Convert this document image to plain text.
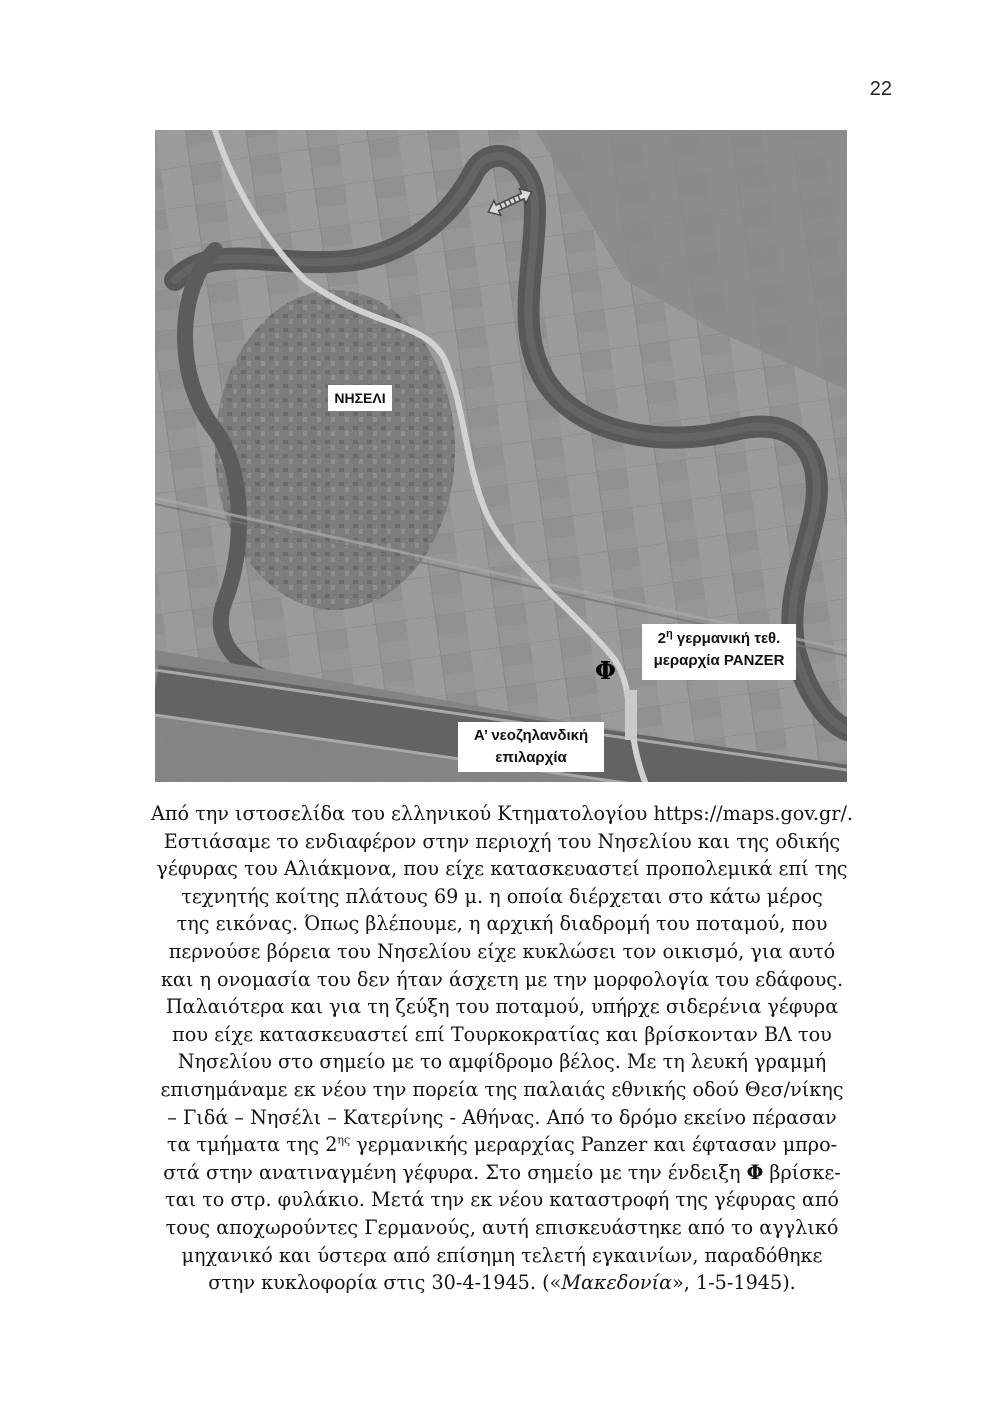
22
ΝΗΣΕΛΙ
$2^\eta$ γερμανική τεθ.
μεραρχία PANZER
Α’ νεοζηλανδική
επιλαρχία
Φ

Από την ιστοσελίδα του ελληνικού Κτηματολογίου https://maps.gov.gr/.

Εστιάσαμε το ενδιαφέρον στην περιοχή του Νησελίου και της οδικής

γέφυρας του Αλιάκμονα, που είχε κατασκευαστεί προπολεμικά επί της

τεχνητής κοίτης πλάτους 69 μ. η οποία διέρχεται στο κάτω μέρος

της εικόνας. Όπως βλέπουμε, η αρχική διαδρομή του ποταμού, που

περνούσε βόρεια του Νησελίου είχε κυκλώσει τον οικισμό, για αυτό

και η ονομασία του δεν ήταν άσχετη με την μορφολογία του εδάφους.

Παλαιότερα και για τη ζεύξη του ποταμού, υπήρχε σιδερένια γέφυρα

που είχε κατασκευαστεί επί Τουρκοκρατίας και βρίσκονταν ΒΛ του

Νησελίου στο σημείο με το αμφίδρομο βέλος. Με τη λευκή γραμμή

επισημάναμε εκ νέου την πορεία της παλαιάς εθνικής οδού Θεσ/νίκης

– Γιδά – Νησέλι – Κατερίνης - Αθήνας. Από το δρόμο εκείνο πέρασαν

τα τμήματα της $2^{\eta\varsigma}$ γερμανικής μεραρχίας Panzer και έφτασαν μπρο-

στά στην ανατιναγμένη γέφυρα. Στο σημείο με την ένδειξη Φ βρίσκε-

ται το στρ. φυλάκιο. Μετά την εκ νέου καταστροφή της γέφυρας από

τους αποχωρούντες Γερμανούς, αυτή επισκευάστηκε από το αγγλικό

μηχανικό και ύστερα από επίσημη τελετή εγκαινίων, παραδόθηκε

στην κυκλοφορία στις 30-4-1945. («Μακεδονία», 1-5-1945).
